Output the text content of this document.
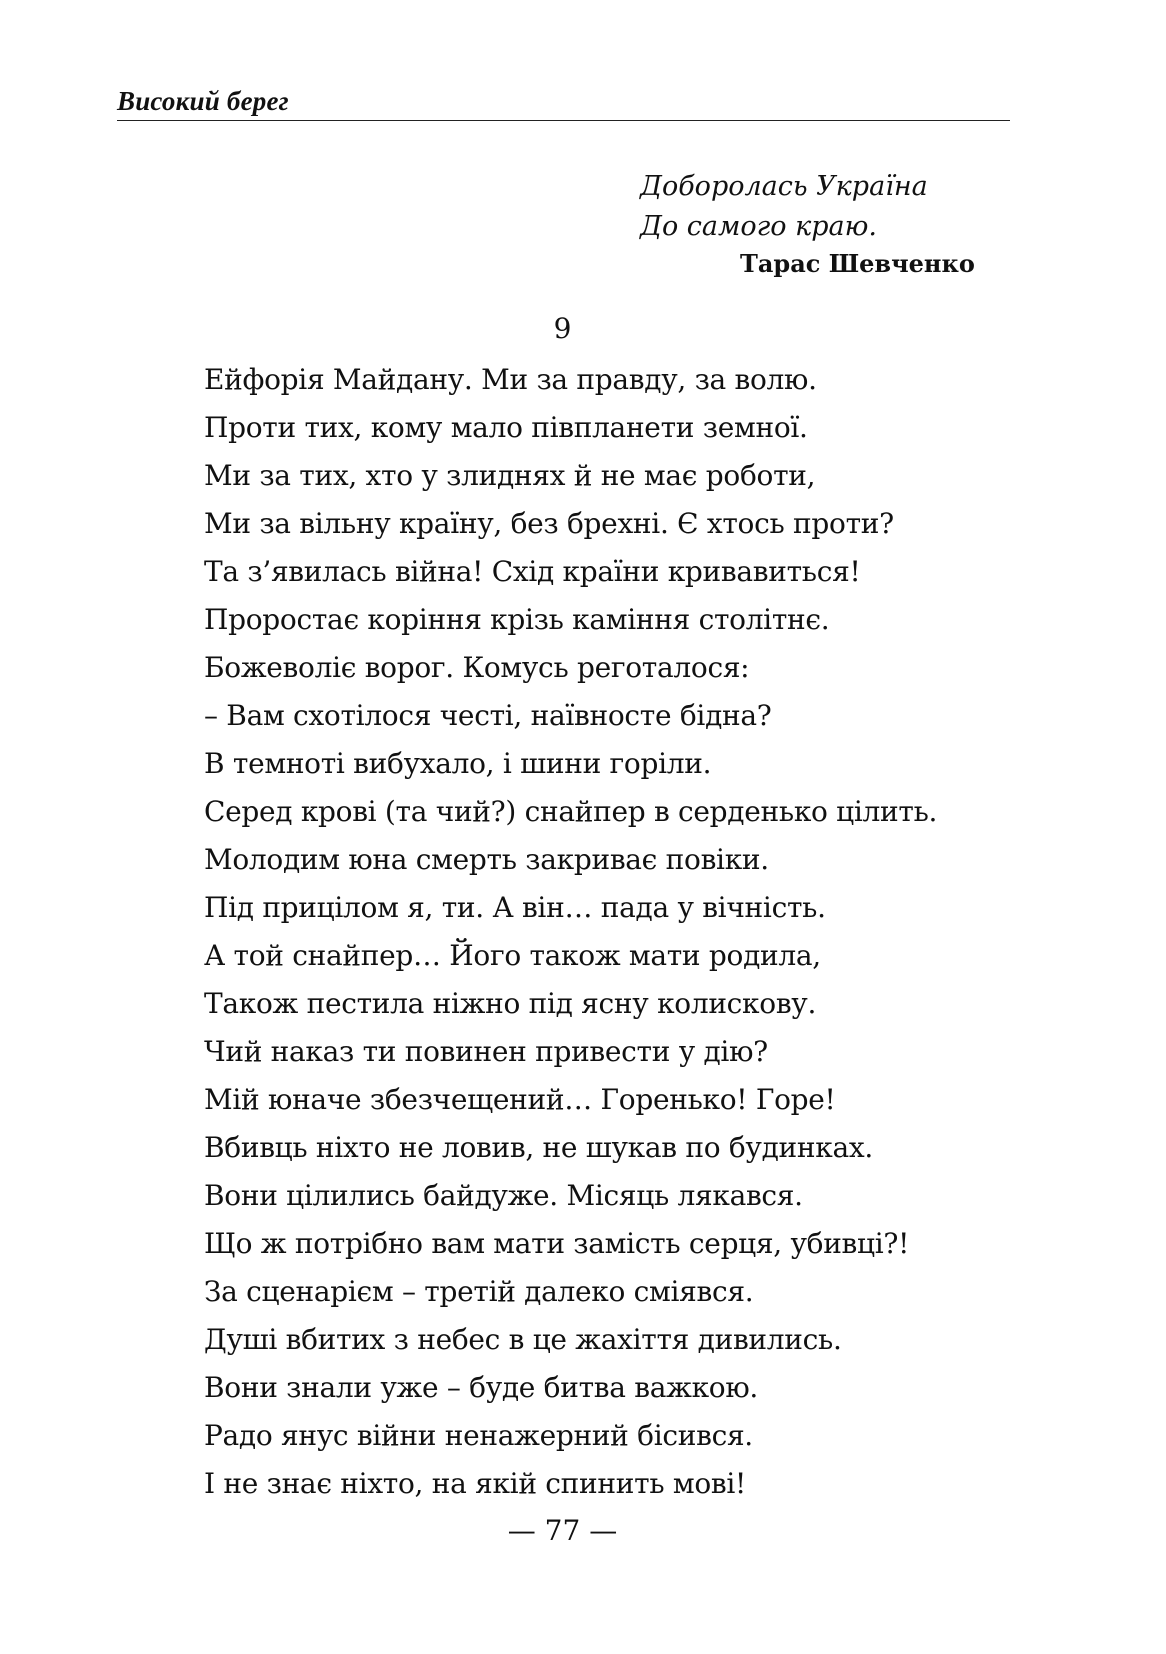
Високий берег
Доборолась Україна
До самого краю.
Тарас Шевченко
9
Ейфорія Майдану. Ми за правду, за волю.
Проти тих, кому мало півпланети земної.
Ми за тих, хто у злиднях й не має роботи,
Ми за вільну країну, без брехні. Є хтось проти?
Та з’явилась війна! Схід країни кривавиться!
Проростає коріння крізь каміння столітнє.
Божеволіє ворог. Комусь реготалося:
– Вам схотілося честі, наївносте бідна?
В темноті вибухало, і шини горіли.
Серед крові (та чий?) снайпер в серденько цілить.
Молодим юна смерть закриває повіки.
Під прицілом я, ти. А він… пада у вічність.
А той снайпер… Його також мати родила,
Також пестила ніжно під ясну колискову.
Чий наказ ти повинен привести у дію?
Мій юначе збезчещений… Горенько! Горе!
Вбивць ніхто не ловив, не шукав по будинках.
Вони цілились байдуже. Місяць лякався.
Що ж потрібно вам мати замість серця, убивці?!
За сценарієм – третій далеко сміявся.
Душі вбитих з небес в це жахіття дивились.
Вони знали уже – буде битва важкою.
Радо янус війни ненажерний бісився.
І не знає ніхто, на якій спинить мові!
— 77 —
